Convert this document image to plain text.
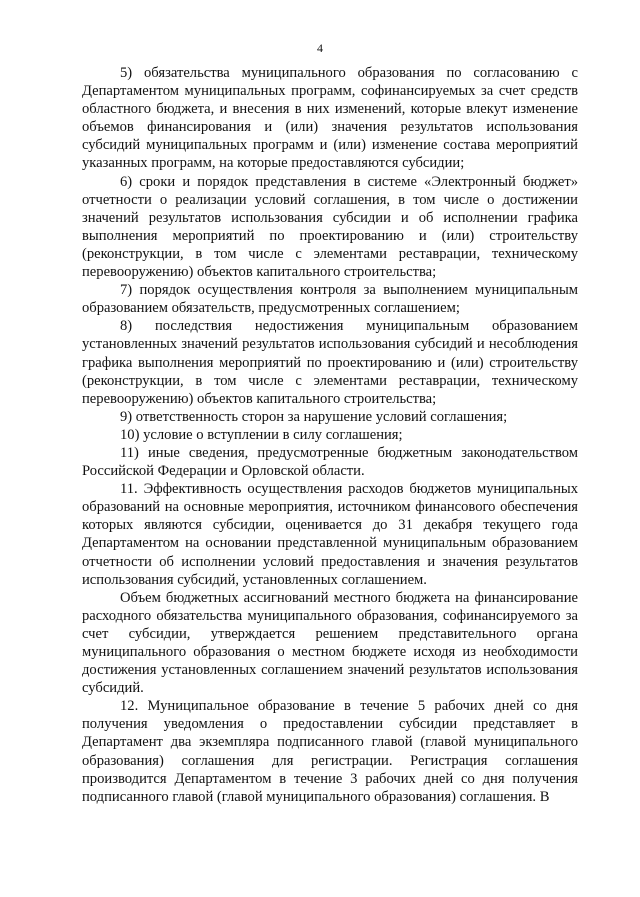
4

5) обязательства муниципального образования по согласованию с Департаментом муниципальных программ, софинансируемых за счет средств областного бюджета, и внесения в них изменений, которые влекут изменение объемов финансирования и (или) значения результатов использования субсидий муниципальных программ и (или) изменение состава мероприятий указанных программ, на которые предоставляются субсидии;

6) сроки и порядок представления в системе «Электронный бюджет» отчетности о реализации условий соглашения, в том числе о достижении значений результатов использования субсидии и об исполнении графика выполнения мероприятий по проектированию и (или) строительству (реконструкции, в том числе с элементами реставрации, техническому перевооружению) объектов капитального строительства;

7) порядок осуществления контроля за выполнением муниципальным образованием обязательств, предусмотренных соглашением;

8) последствия недостижения муниципальным образованием установленных значений результатов использования субсидий и несоблюдения графика выполнения мероприятий по проектированию и (или) строительству (реконструкции, в том числе с элементами реставрации, техническому перевооружению) объектов капитального строительства;

9) ответственность сторон за нарушение условий соглашения;

10) условие о вступлении в силу соглашения;

11) иные сведения, предусмотренные бюджетным законодательством Российской Федерации и Орловской области.

11. Эффективность осуществления расходов бюджетов муниципальных образований на основные мероприятия, источником финансового обеспечения которых являются субсидии, оценивается до 31 декабря текущего года Департаментом на основании представленной муниципальным образованием отчетности об исполнении условий предоставления и значения результатов использования субсидий, установленных соглашением.

Объем бюджетных ассигнований местного бюджета на финансирование расходного обязательства муниципального образования, софинансируемого за счет субсидии, утверждается решением представительного органа муниципального образования о местном бюджете исходя из необходимости достижения установленных соглашением значений результатов использования субсидий.

12. Муниципальное образование в течение 5 рабочих дней со дня получения уведомления о предоставлении субсидии представляет в Департамент два экземпляра подписанного главой (главой муниципального образования) соглашения для регистрации. Регистрация соглашения производится Департаментом в течение 3 рабочих дней со дня получения подписанного главой (главой муниципального образования) соглашения. В
